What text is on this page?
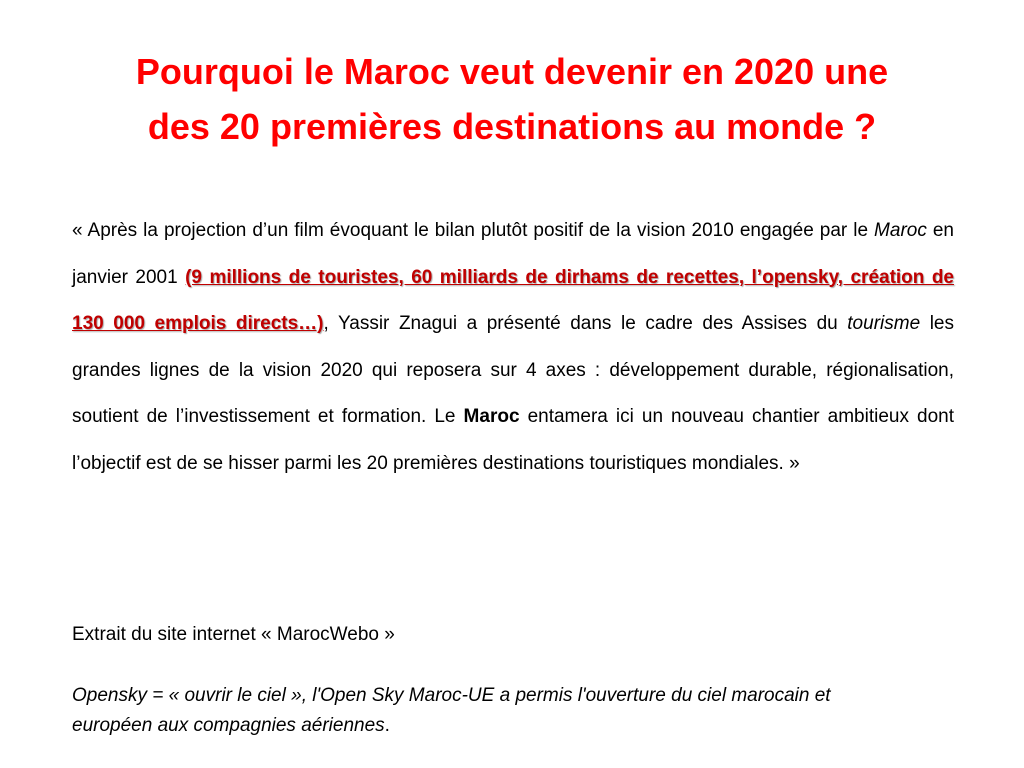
Pourquoi le Maroc veut devenir en 2020 une
des 20 premières destinations au monde ?

« Après la projection d’un film évoquant le bilan plutôt positif de la vision 2010 engagée par le Maroc en janvier 2001 (9 millions de touristes, 60 milliards de dirhams de recettes, l’opensky, création de 130 000 emplois directs…), Yassir Znagui a présenté dans le cadre des Assises du tourisme les grandes lignes de la vision 2020 qui reposera sur 4 axes : développement durable, régionalisation, soutient de l’investissement et formation. Le Maroc entamera ici un nouveau chantier ambitieux dont l’objectif est de se hisser parmi les 20 premières destinations touristiques mondiales. »

Extrait du site internet « MarocWebo »

Opensky = « ouvrir le ciel », l'Open Sky Maroc-UE a permis l'ouverture du ciel marocain et européen aux compagnies aériennes.
